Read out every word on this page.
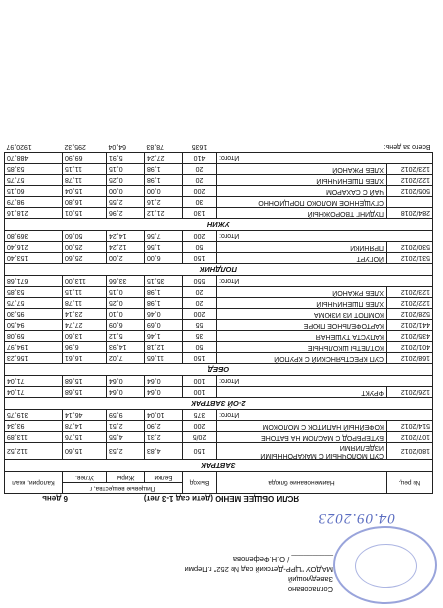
Согласовано
Заведующий
МАДОУ "ЦРР-Детский сад № 252" г.Перми
__________ / О.Н.Фефелова
04.09.2023
6 день	ЯСЛИ ОБЩЕЕ МЕНЮ (дети сад 1-3 лет)
№ рец.	Наименование блюда	Выход	Пищевые вещества, г			Калории, ккал
			Белки	Жиры	Углев.	
ЗАВТРАК						
180/2012	СУП МОЛОЧНЫЙ С МАКАРОННЫМИ ИЗДЕЛИЯМИ	150	4,83	2,53	15,60	112,52
107/2012	БУТЕРБРОД С МАСЛОМ НА БАТОНЕ	20/5	2,31	4,55	15,76	113,89
514/2012	КОФЕЙНЫЙ НАПИТОК С МОЛОКОМ	200	2,90	2,51	14,78	93,34
Итого:		375	10,04	9,59	46,14	319,75
2-ОЙ ЗАВТРАК						
126/2012	ФРУКТ	100	0,64	0,64	15,68	71,04
Итого:		100	0,64	0,64	15,68	71,04
ОБЕД						
168/2012	СУП КРЕСТЬЯНСКИЙ С КРУПОЙ	150	11,65	7,02	16,61	156,23
401/2012	КОТЛЕТЫ ШКОЛЬНЫЕ	50	12,18	14,93	6,96	194,97
435/2012	КАПУСТА ТУШЕНАЯ	35	1,46	5,12	13,60	59,08
441/2012	КАРТОФЕЛЬНОЕ ПЮРЕ	55	0,69	6,09	27,74	94,50
528/2012	КОМПОТ ИЗ ИЗЮМА	200	0,46	0,10	23,14	95,30
122/2012	ХЛЕБ ПШЕНИЧНЫЙ	20	1,98	0,25	11,78	57,75
123/2012	ХЛЕБ РЖАНОЙ	20	1,98	0,15	11,15	53,85
Итого:		550	35,15	33,66	113,00	671,68
ПОЛДНИК						
531/2012	ЙОГУРТ	150	6,00	2,00	25,60	153,40
530/2012	ПРЯНИКИ	50	1,56	12,24	25,00	216,40
Итого:		200	7,56	14,24	50,60	369,80
УЖИН						
284/2018	ПУДИНГ ТВОРОЖНЫЙ	130	21,12	2,96	15,01	218,16
	СГУЩЕННОЕ МОЛОКО ПОРЦИОННО	30	2,16	2,55	16,80	98,79
505/2012	ЧАЙ С САХАРОМ	200	0,00	0,00	15,04	60,15
122/2012	ХЛЕБ ПШЕНИЧНЫЙ	20	1,98	0,25	11,78	57,75
123/2012	ХЛЕБ РЖАНОЙ	20	1,98	0,15	11,15	53,85
Итого:		410	27,24	5,91	69,90	488,70
Всего за день:		1635	78,83	64,04	295,32	1920,97
